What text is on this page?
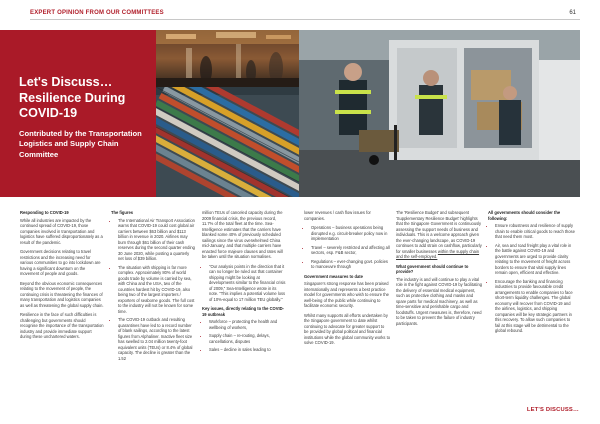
EXPERT OPINION FROM OUR COMMITTEES	61
Let's Discuss… Resilience During COVID-19
Contributed by the Transportation Logistics and Supply Chain Committee
Responding to COVID-19

While all industries are impacted by the continued spread of COVID-19, those companies involved in transportation and logistics have suffered disproportionately as a result of the pandemic.

Government decisions relating to travel restrictions and the increasing need for various communities to go into lockdown are having a significant downturn on the movement of people and goods.

Beyond the obvious economic consequences relating to the movement of people, the continuing crisis is threatening the finances of many transportation and logistics companies as well as threatening the global supply chain.

Resilience in the face of such difficulties is challenging but governments should recognise the importance of the transportation industry and provide immediate support during these unchartered waters.

The figures
• The International Air Transport Association warns that COVID-19 could cost global air carriers between $63 billion and $113 billion in revenue in 2020. Airlines may burn through $61 billion of their cash reserves during the second quarter ending 30 June 2020, while posting a quarterly net loss of $39 billion.
• The situation with shipping is far more complex. Approximately 80% of world goods trade by volume is carried by sea, with China and the USA, two of the countries hardest hit by COVID-19, also being two of the largest importers / exporters of seaborne goods. The full cost to the industry will not be known for some time.
• The COVID-19 cutback and resulting quarantines have led to a record number of blank sailings, according to the latest figures from Alphaliner. Inactive fleet size has swelled to 2.04 million twenty-foot equivalent units (TEUs) or 8.4% of global capacity. The decline is greater than the 1.52

million TEUs of canceled capacity during the 2009 financial crisis, the previous record, 11.7% of the total fleet at the time. Sea-Intelligence estimates that the carriers have blanked some 40% of previously scheduled sailings since the virus overwhelmed China mid-January, and that multiple carriers have enacted force majeure clauses and rates will be taken until the situation normalises.

• "Our analysis points in the direction that it can no longer be ruled out that container shipping might be looking at developments similar to the financial crisis of 2009," Sea-Intelligence wrote in its note. "This implies a potential volume loss of 10%-equal to 17 million TEU globally."
Key issues, directly relating to the COVID-19 outbreak
• Workforce – protecting the health and wellbeing of workers,
• Supply chain – re-routing, delays, cancellations, disputes
• Sales – decline in sales leading to

lower revenues / cash flow issues for companies.

• Operations – business operations being disrupted e.g. circuit-breaker policy now in implementation
• Travel – severely restricted and affecting all sectors, esp. F&B sector,
• Regulations – ever-changing govt. policies to manoeuvre through
Government measures to date

Singapore's strong response has been praised internationally and represents a best practice model for governments who wish to ensure the well-being of the public while continuing to facilitate economic security.

Whilst many supports all efforts undertaken by the Singapore government to date whilst continuing to advocate for greater support to be provided by global political and financial institutions while the global community works to solve COVID-19.

The 'Resilience Budget' and subsequent 'Supplementary Resilience Budget' highlights that the Singapore Government is continuously assessing the support needs of business and individuals. This is a welcome approach given the ever-changing landscape, as COVID-19 continues to add strain on cashflow, particularly for smaller businesses within the supply chain and the self-employed.

What government should continue to provide?

The industry is and will continue to play a vital role in the fight against COVID-19 by facilitating the delivery of essential medical equipment, such as protective clothing and masks and spare parts for medical machinery, as well as time-sensitive and perishable cargo and foodstuffs. Urgent measures is, therefore, need to be taken to prevent the failure of industry participants.

All governments should consider the following:
• Ensure robustness and resilience of supply chain to enable critical goods to reach those that need them most.
• Air, sea and road freight play a vital role in the battle against COVID-19 and governments are urged to provide clarity relating to the movement of freight across borders to ensure that vital supply lines remain open, efficient and effective.
• Encourage the banking and financing industries to provide favourable credit arrangements to enable companies to face short-term liquidity challenges. The global economy will recover from COVID-19 and the airlines, logistics, and shipping companies will be key strategic partners in this recovery. To allow such companies to fail at this stage will be detrimental to the global rebound.
LET'S DISCUSS…
